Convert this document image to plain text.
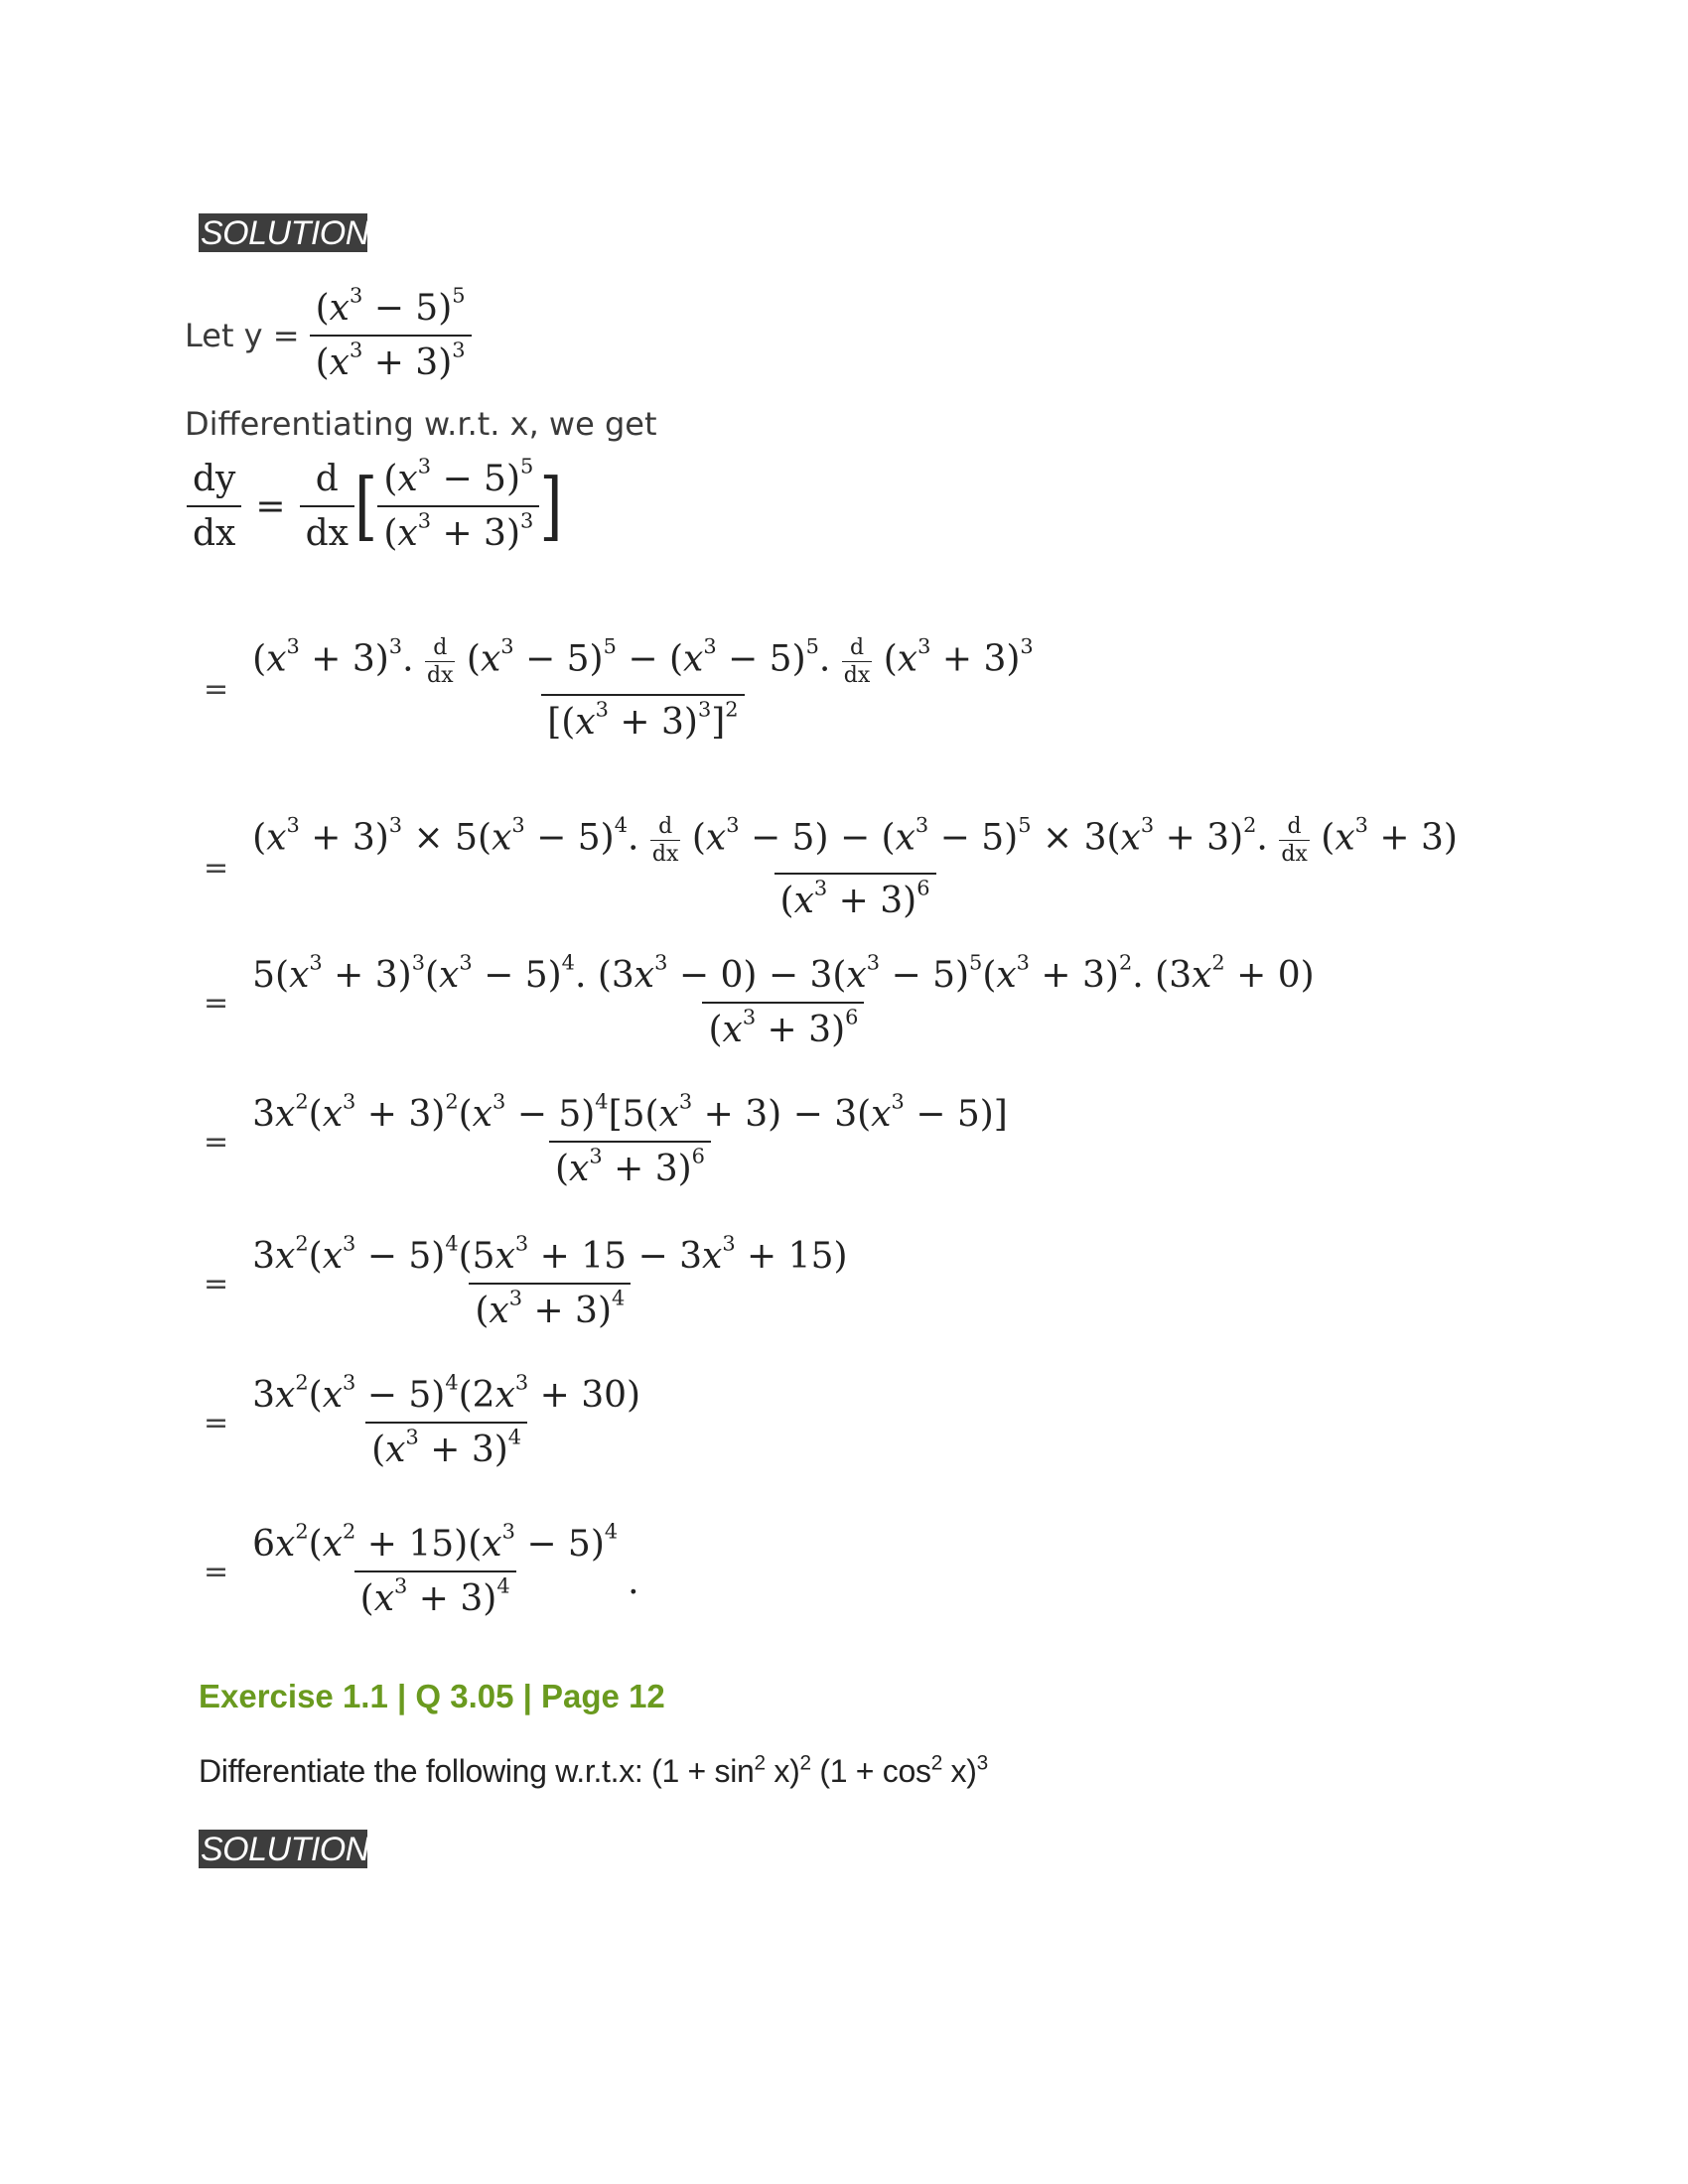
SOLUTION
Let $y = \frac{(x^3 - 5)^5}{(x^3 + 3)^3}$
Differentiating w.r.t. x, we get
$\frac{dy}{dx} = \frac{d}{dx}$ [ $\frac{(x^3 - 5)^5}{(x^3 + 3)^3}$ ]
=
$(x^3 + 3)^3$. $\frac{d}{dx} (x^3 - 5)^5 - (x^3 - 5)^5$. $\frac{d}{dx} (x^3 + 3)^3$
$[(x^3 + 3)^3]^2$
=
$(x^3 + 3)^3 \times 5(x^3 - 5)^4$. $\frac{d}{dx} (x^3 - 5) - (x^3 - 5)^5 \times 3(x^3 + 3)^2$. $\frac{d}{dx} (x^3 + 3)$
$(x^3 + 3)^6$
=
$5(x^3 + 3)^3(x^3 - 5)^4$. $(3x^3 - 0) - 3(x^3 - 5)^5(x^3 + 3)^2$. $(3x^2 + 0)$
$(x^3 + 3)^6$
= $\frac{3x^2(x^3 + 3)^2(x^3 - 5)^4[5(x^3 + 3) - 3(x^3 - 5)]}{(x^3 + 3)^6}$
= $\frac{3x^2(x^3 - 5)^4(5x^3 + 15 - 3x^3 + 15)}{(x^3 + 3)^4}$
= $\frac{3x^2(x^3 - 5)^4(2x^3 + 30)}{(x^3 + 3)^4}$
= $\frac{6x^2(x^2 + 15)(x^3 - 5)^4}{(x^3 + 3)^4}$ .
Exercise 1.1 | Q 3.05 | Page 12
Differentiate the following w.r.t.x: $(1 + \sin^2 x)^2$ $(1 + \cos^2 x)^3$
SOLUTION
